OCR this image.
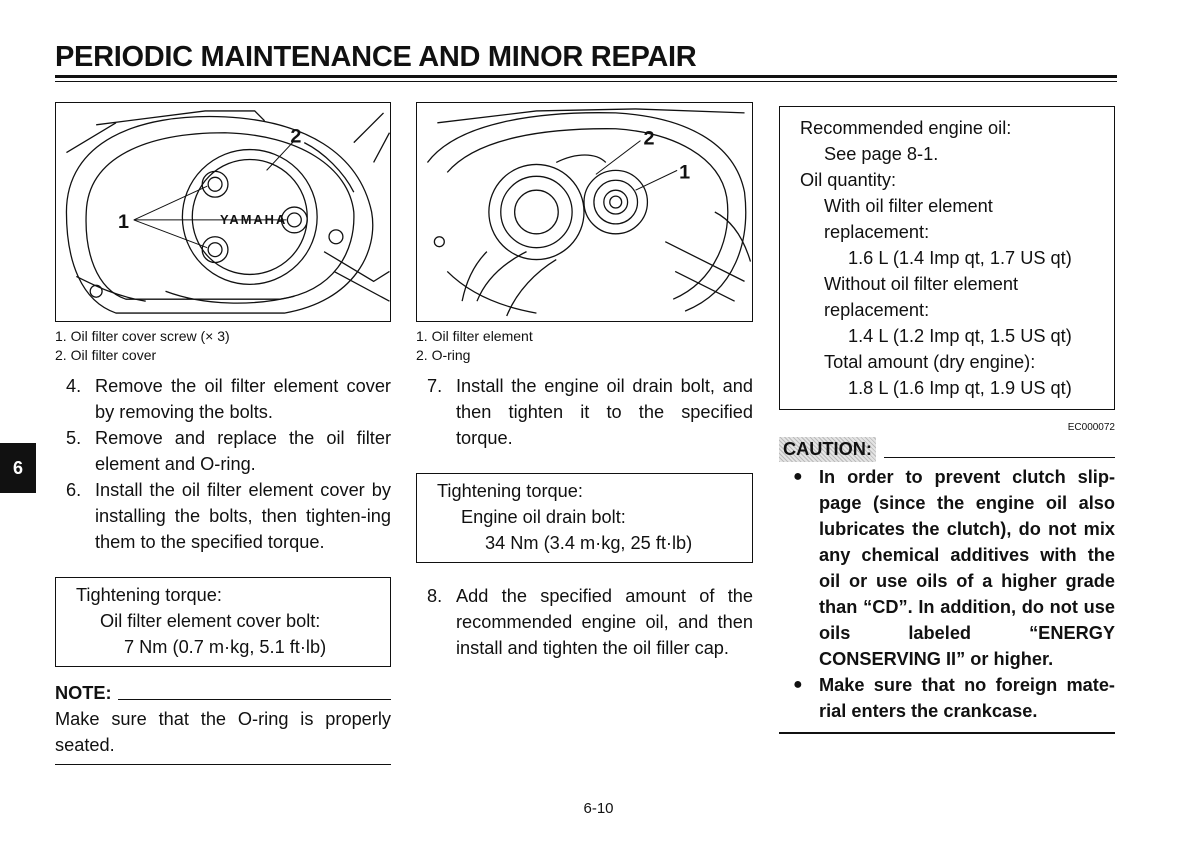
PERIODIC MAINTENANCE AND MINOR REPAIR
6
YAMAHA
1
2
1. Oil filter cover screw (× 3)
2. Oil filter cover
4. Remove the oil filter element cover by removing the bolts.
5. Remove and replace the oil filter element and O-ring.
6. Install the oil filter element cover by installing the bolts, then tighten-ing them to the specified torque.
Tightening torque:
Oil filter element cover bolt:
7 Nm (0.7 m·kg, 5.1 ft·lb)
NOTE:
Make sure that the O-ring is properly seated.
2
1
1. Oil filter element
2. O-ring
7. Install the engine oil drain bolt, and then tighten it to the specified torque.
Tightening torque:
Engine oil drain bolt:
34 Nm (3.4 m·kg, 25 ft·lb)
8. Add the specified amount of the recommended engine oil, and then install and tighten the oil filler cap.
Recommended engine oil:
See page 8-1.
Oil quantity:
With oil filter element
replacement:
1.6 L (1.4 Imp qt, 1.7 US qt)
Without oil filter element
replacement:
1.4 L (1.2 Imp qt, 1.5 US qt)
Total amount (dry engine):
1.8 L (1.6 Imp qt, 1.9 US qt)
EC000072
CAUTION:
● In order to prevent clutch slip-page (since the engine oil also lubricates the clutch), do not mix any chemical additives with the oil or use oils of a higher grade than “CD”. In addition, do not use oils labeled “ENERGY CONSERVING II” or higher.
● Make sure that no foreign mate-rial enters the crankcase.
6-10
